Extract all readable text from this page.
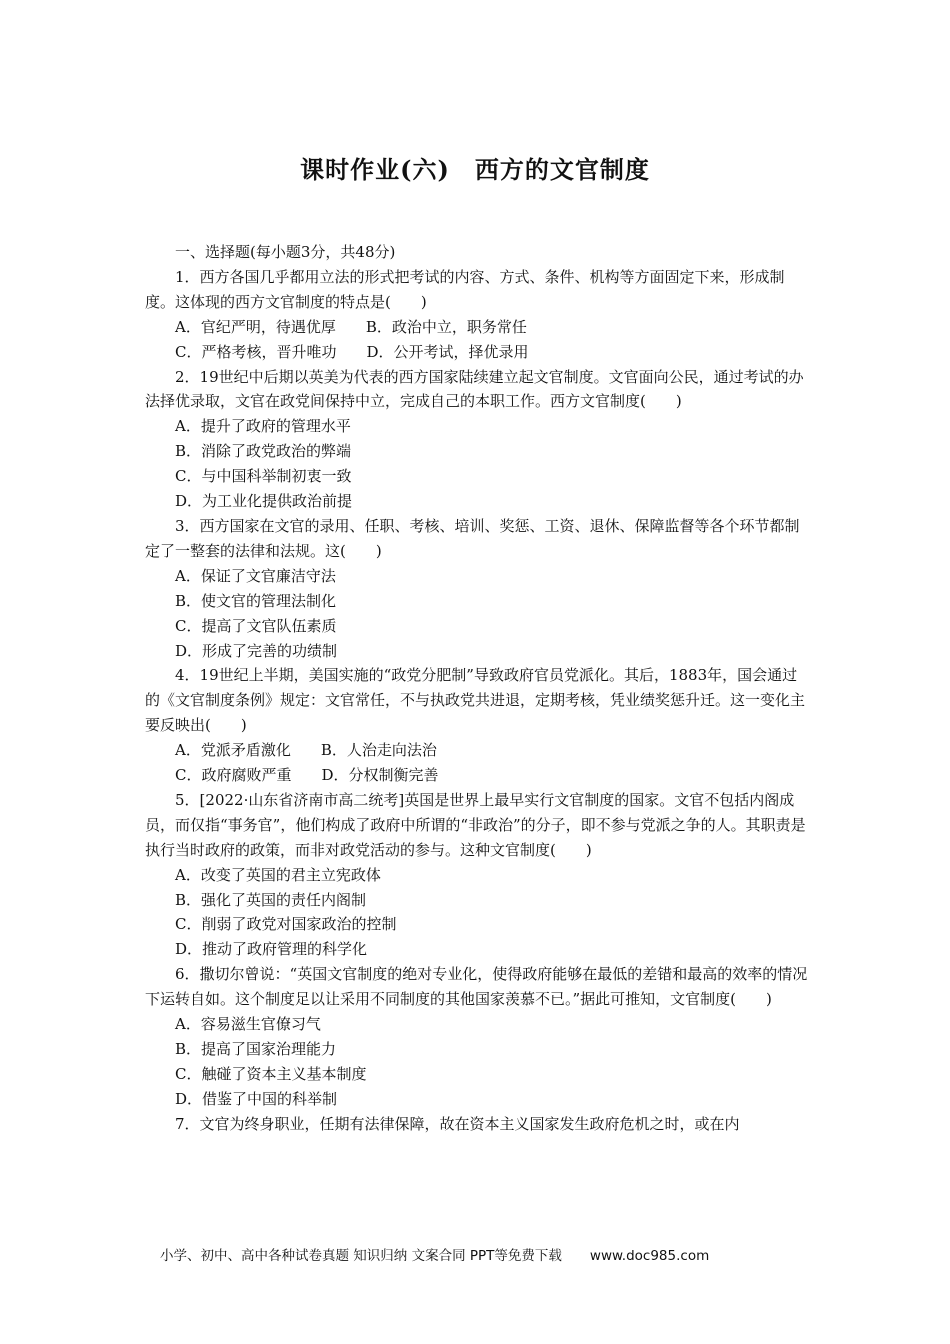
课时作业(六)　西方的文官制度

一、选择题(每小题3分，共48分)

1．西方各国几乎都用立法的形式把考试的内容、方式、条件、机构等方面固定下来，形成制度。这体现的西方文官制度的特点是(　　)

A．官纪严明，待遇优厚 B．政治中立，职务常任

C．严格考核，晋升唯功 D．公开考试，择优录用

2．19世纪中后期以英美为代表的西方国家陆续建立起文官制度。文官面向公民，通过考试的办法择优录取，文官在政党间保持中立，完成自己的本职工作。西方文官制度(　　)

A．提升了政府的管理水平

B．消除了政党政治的弊端

C．与中国科举制初衷一致

D．为工业化提供政治前提

3．西方国家在文官的录用、任职、考核、培训、奖惩、工资、退休、保障监督等各个环节都制定了一整套的法律和法规。这(　　)

A．保证了文官廉洁守法

B．使文官的管理法制化

C．提高了文官队伍素质

D．形成了完善的功绩制

4．19世纪上半期，美国实施的“政党分肥制”导致政府官员党派化。其后，1883年，国会通过的《文官制度条例》规定：文官常任，不与执政党共进退，定期考核，凭业绩奖惩升迁。这一变化主要反映出(　　)

A．党派矛盾激化 B．人治走向法治

C．政府腐败严重 D．分权制衡完善

5．[2022·山东省济南市高二统考]英国是世界上最早实行文官制度的国家。文官不包括内阁成员，而仅指“事务官”，他们构成了政府中所谓的“非政治”的分子，即不参与党派之争的人。其职责是执行当时政府的政策，而非对政党活动的参与。这种文官制度(　　)

A．改变了英国的君主立宪政体

B．强化了英国的责任内阁制

C．削弱了政党对国家政治的控制

D．推动了政府管理的科学化

6．撒切尔曾说：“英国文官制度的绝对专业化，使得政府能够在最低的差错和最高的效率的情况下运转自如。这个制度足以让采用不同制度的其他国家羡慕不已。”据此可推知，文官制度(　　)

A．容易滋生官僚习气

B．提高了国家治理能力

C．触碰了资本主义基本制度

D．借鉴了中国的科举制

7．文官为终身职业，任期有法律保障，故在资本主义国家发生政府危机之时，或在内

小学、初中、高中各种试卷真题 知识归纳 文案合同 PPT等免费下载 www.doc985.com
